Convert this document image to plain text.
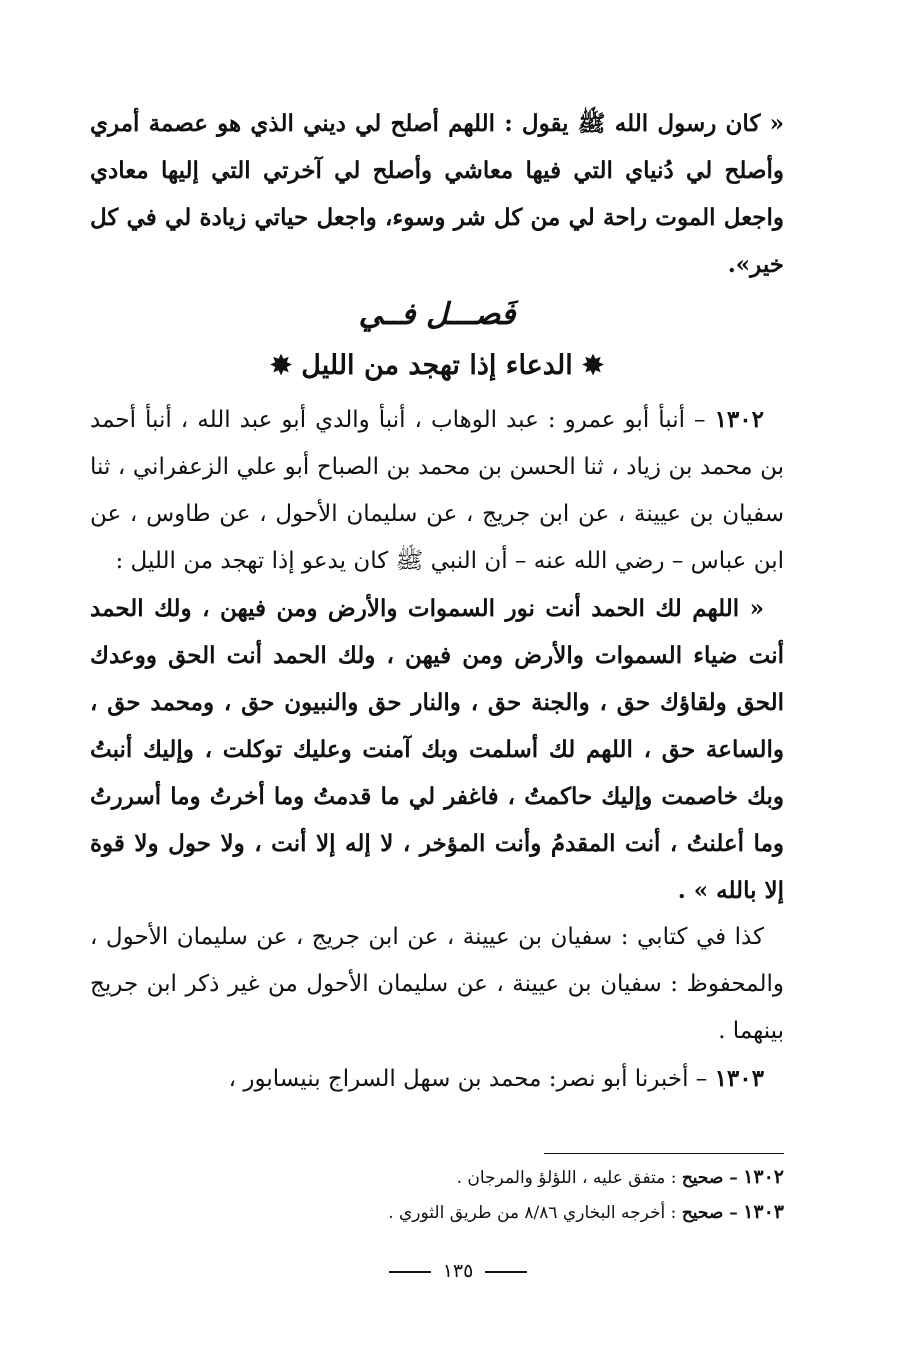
« كان رسول الله ﷺ يقول : اللهم أصلح لي ديني الذي هو عصمة أمري وأصلح لي دُنياي التي فيها معاشي وأصلح لي آخرتي التي إليها معادي واجعل الموت راحة لي من كل شر وسوء، واجعل حياتي زيادة لي في كل خير».

فَصـــل فــي
✸ الدعاء إذا تهجد من الليل ✸

١٣٠٢ – أنبأ أبو عمرو : عبد الوهاب ، أنبأ والدي أبو عبد الله ، أنبأ أحمد بن محمد بن زياد ، ثنا الحسن بن محمد بن الصباح أبو علي الزعفراني ، ثنا سفيان بن عيينة ، عن ابن جريج ، عن سليمان الأحول ، عن طاوس ، عن ابن عباس – رضي الله عنه – أن النبي ﷺ كان يدعو إذا تهجد من الليل :

« اللهم لك الحمد أنت نور السموات والأرض ومن فيهن ، ولك الحمد أنت ضياء السموات والأرض ومن فيهن ، ولك الحمد أنت الحق ووعدك الحق ولقاؤك حق ، والجنة حق ، والنار حق والنبيون حق ، ومحمد حق ، والساعة حق ، اللهم لك أسلمت وبك آمنت وعليك توكلت ، وإليك أنبتُ وبك خاصمت وإليك حاكمتُ ، فاغفر لي ما قدمتُ وما أخرتُ وما أسررتُ وما أعلنتُ ، أنت المقدمُ وأنت المؤخر ، لا إله إلا أنت ، ولا حول ولا قوة إلا بالله » .

كذا في كتابي : سفيان بن عيينة ، عن ابن جريج ، عن سليمان الأحول ، والمحفوظ : سفيان بن عيينة ، عن سليمان الأحول من غير ذكر ابن جريج بينهما .

١٣٠٣ – أخبرنا أبو نصر: محمد بن سهل السراج بنيسابور ،

١٣٠٢ – صحيح : متفق عليه ، اللؤلؤ والمرجان .
١٣٠٣ – صحيح : أخرجه البخاري ٨/٨٦ من طريق الثوري .
١٣٥
